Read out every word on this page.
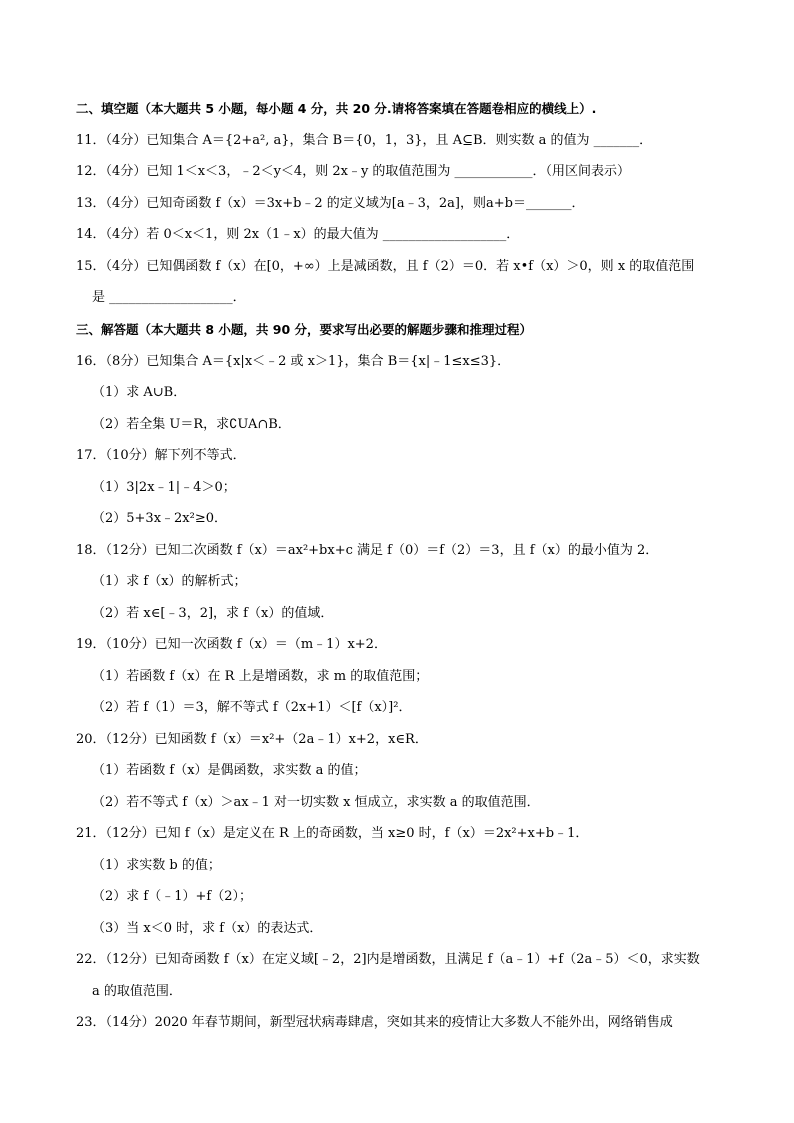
二、填空题（本大题共 5 小题，每小题 4 分，共 20 分.请将答案填在答题卷相应的横线上）.
11．（4分）已知集合 A＝{2+a², a}，集合 B＝{0，1，3}，且 A⊆B．则实数 a 的值为 _______．
12．（4分）已知 1＜x＜3，﹣2＜y＜4，则 2x﹣y 的取值范围为 ____________．（用区间表示）
13．（4分）已知奇函数 f（x）＝3x+b﹣2 的定义域为[a﹣3，2a]，则a+b＝_______．
14．（4分）若 0＜x＜1，则 2x（1﹣x）的最大值为 ___________________．
15．（4分）已知偶函数 f（x）在[0，+∞）上是减函数，且 f（2）＝0．若 x•f（x）＞0，则 x 的取值范围
是 ___________________．
三、解答题（本大题共 8 小题，共 90 分，要求写出必要的解题步骤和推理过程）
16．（8分）已知集合 A＝{x|x＜﹣2 或 x＞1}，集合 B＝{x|﹣1≤x≤3}．
（1）求 A∪B．
（2）若全集 U＝R，求∁UA∩B．
17．（10分）解下列不等式．
（1）3|2x﹣1|﹣4＞0；
（2）5+3x﹣2x²≥0．
18．（12分）已知二次函数 f（x）＝ax²+bx+c 满足 f（0）＝f（2）＝3，且 f（x）的最小值为 2．
（1）求 f（x）的解析式；
（2）若 x∈[﹣3，2]，求 f（x）的值域．
19．（10分）已知一次函数 f（x）＝（m﹣1）x+2．
（1）若函数 f（x）在 R 上是增函数，求 m 的取值范围；
（2）若 f（1）＝3，解不等式 f（2x+1）＜[f（x）]²．
20．（12分）已知函数 f（x）＝x²+（2a﹣1）x+2，x∈R．
（1）若函数 f（x）是偶函数，求实数 a 的值；
（2）若不等式 f（x）＞ax﹣1 对一切实数 x 恒成立，求实数 a 的取值范围．
21．（12分）已知 f（x）是定义在 R 上的奇函数，当 x≥0 时，f（x）＝2x²+x+b﹣1．
（1）求实数 b 的值；
（2）求 f（﹣1）+f（2）；
（3）当 x＜0 时，求 f（x）的表达式．
22．（12分）已知奇函数 f（x）在定义域[﹣2，2]内是增函数，且满足 f（a﹣1）+f（2a﹣5）＜0，求实数
a 的取值范围．
23．（14分）2020 年春节期间，新型冠状病毒肆虐，突如其来的疫情让大多数人不能外出，网络销售成
